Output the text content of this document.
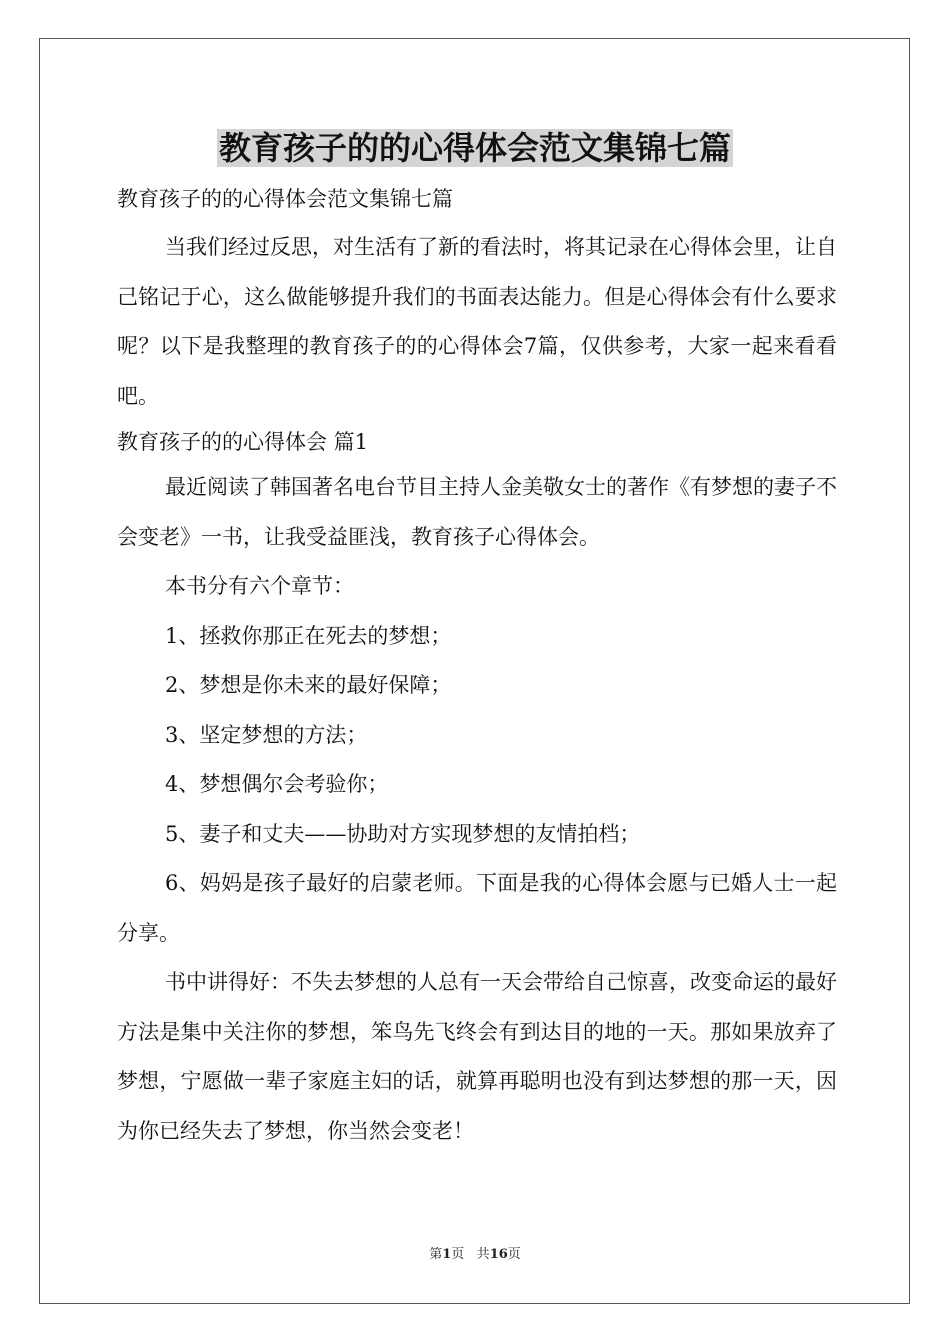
教育孩子的的心得体会范文集锦七篇
教育孩子的的心得体会范文集锦七篇
当我们经过反思，对生活有了新的看法时，将其记录在心得体会里，让自己铭记于心，这么做能够提升我们的书面表达能力。但是心得体会有什么要求呢？以下是我整理的教育孩子的的心得体会7篇，仅供参考，大家一起来看看吧。
教育孩子的的心得体会 篇1
最近阅读了韩国著名电台节目主持人金美敬女士的著作《有梦想的妻子不会变老》一书，让我受益匪浅，教育孩子心得体会。
本书分有六个章节：
1、拯救你那正在死去的梦想；
2、梦想是你未来的最好保障；
3、坚定梦想的方法；
4、梦想偶尔会考验你；
5、妻子和丈夫——协助对方实现梦想的友情拍档；
6、妈妈是孩子最好的启蒙老师。下面是我的心得体会愿与已婚人士一起分享。
书中讲得好：不失去梦想的人总有一天会带给自己惊喜，改变命运的最好方法是集中关注你的梦想，笨鸟先飞终会有到达目的地的一天。那如果放弃了梦想，宁愿做一辈子家庭主妇的话，就算再聪明也没有到达梦想的那一天，因为你已经失去了梦想，你当然会变老！
第1页 共16页
